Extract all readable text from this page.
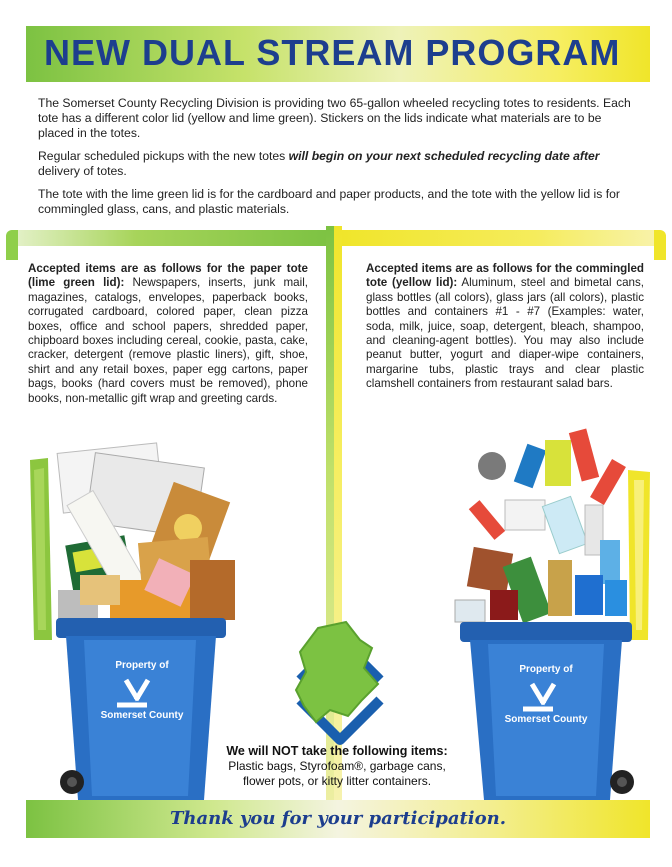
NEW DUAL STREAM PROGRAM

The Somerset County Recycling Division is providing two 65-gallon wheeled recycling totes to residents. Each tote has a different color lid (yellow and lime green). Stickers on the lids indicate what materials are to be placed in the totes.

Regular scheduled pickups with the new totes will begin on your next scheduled recycling date after delivery of totes.

The tote with the lime green lid is for the cardboard and paper products, and the tote with the yellow lid is for commingled glass, cans, and plastic materials.

Accepted items are as follows for the paper tote (lime green lid): Newspapers, inserts, junk mail, magazines, catalogs, envelopes, paperback books, corrugated cardboard, colored paper, clean pizza boxes, office and school papers, shredded paper, chipboard boxes including cereal, cookie, pasta, cake, cracker, detergent (remove plastic liners), gift, shoe, shirt and any retail boxes, paper egg cartons, paper bags, books (hard covers must be removed), phone books, non-metallic gift wrap and greeting cards.
Accepted items are as follows for the commingled tote (yellow lid): Aluminum, steel and bimetal cans, glass bottles (all colors), glass jars (all colors), plastic bottles and containers #1 - #7 (Examples: water, soda, milk, juice, soap, detergent, bleach, shampoo, and cleaning-agent bottles). You may also include peanut butter, yogurt and diaper-wipe containers, margarine tubs, plastic trays and clear plastic clamshell containers from restaurant salad bars.
Property of
Somerset County
Property of
Somerset County
We will NOT take the following items:
Plastic bags, Styrofoam®, garbage cans, flower pots, or kitty litter containers.
Thank you for your participation.
